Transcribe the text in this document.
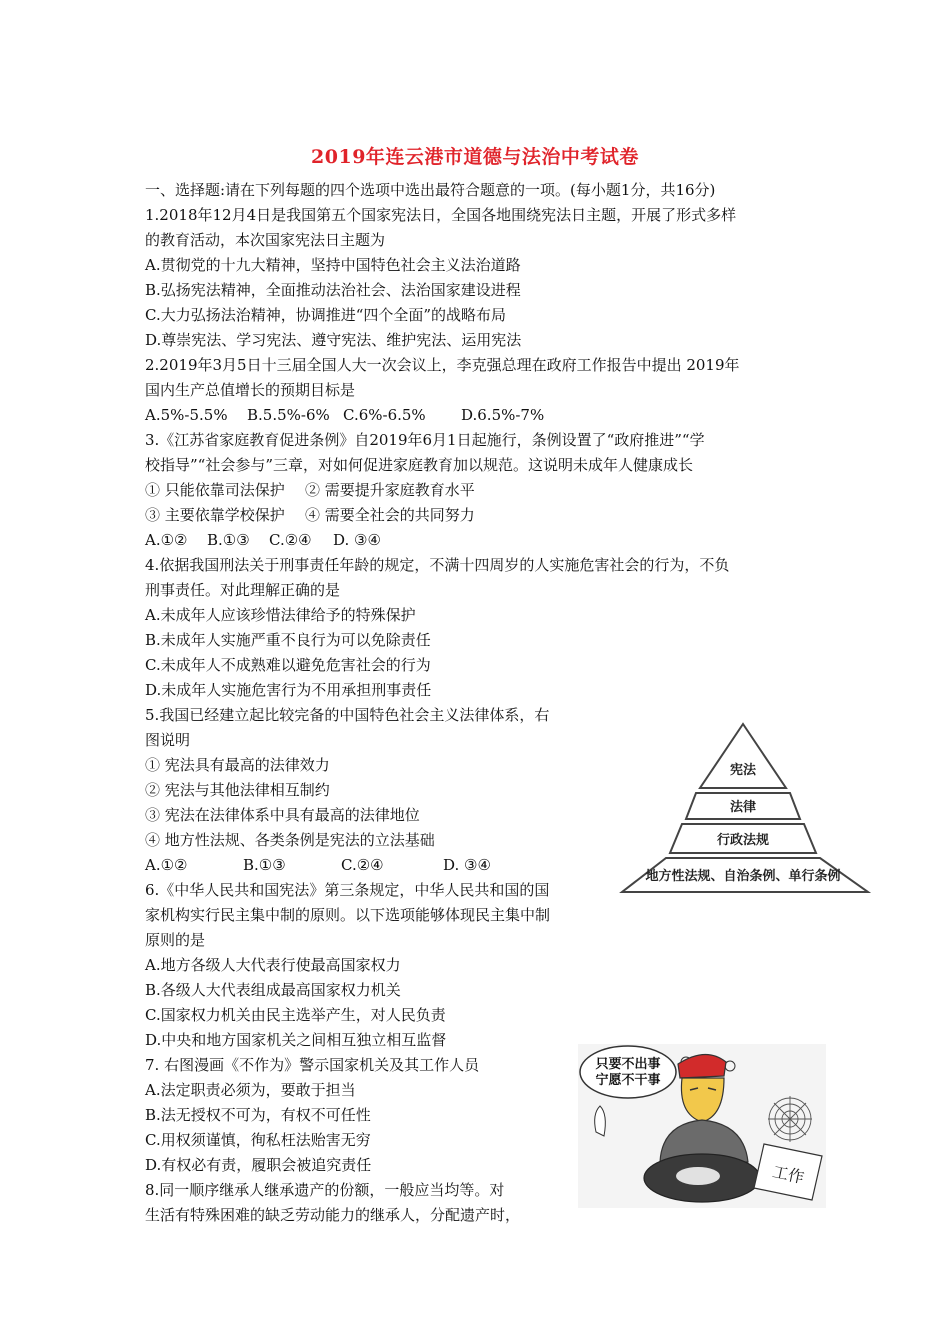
2019年连云港市道德与法治中考试卷
一、选择题:请在下列每题的四个选项中选出最符合题意的一项。(每小题1分，共16分)
1.2018年12月4日是我国第五个国家宪法日，全国各地围绕宪法日主题，开展了形式多样
的教育活动，本次国家宪法日主题为
A.贯彻党的十九大精神，坚持中国特色社会主义法治道路
B.弘扬宪法精神，全面推动法治社会、法治国家建设进程
C.大力弘扬法治精神，协调推进“四个全面”的战略布局
D.尊崇宪法、学习宪法、遵守宪法、维护宪法、运用宪法
2.2019年3月5日十三届全国人大一次会议上，李克强总理在政府工作报告中提出 2019年
国内生产总值增长的预期目标是
A.5%-5.5% B.5.5%-6% C.6%-6.5% D.6.5%-7%
3.《江苏省家庭教育促进条例》自2019年6月1日起施行，条例设置了“政府推进”“学
校指导”“社会参与”三章，对如何促进家庭教育加以规范。这说明未成年人健康成长
① 只能依靠司法保护 ② 需要提升家庭教育水平
③ 主要依靠学校保护 ④ 需要全社会的共同努力
A.①② B.①③ C.②④ D. ③④
4.依据我国刑法关于刑事责任年龄的规定，不满十四周岁的人实施危害社会的行为，不负
刑事责任。对此理解正确的是
A.未成年人应该珍惜法律给予的特殊保护
B.未成年人实施严重不良行为可以免除责任
C.未成年人不成熟难以避免危害社会的行为
D.未成年人实施危害行为不用承担刑事责任
5.我国已经建立起比较完备的中国特色社会主义法律体系，右
图说明
① 宪法具有最高的法律效力
② 宪法与其他法律相互制约
③ 宪法在法律体系中具有最高的法律地位
④ 地方性法规、各类条例是宪法的立法基础
A.①②	B.①③	C.②④	D. ③④
6.《中华人民共和国宪法》第三条规定，中华人民共和国的国
家机构实行民主集中制的原则。以下选项能够体现民主集中制
原则的是
A.地方各级人大代表行使最高国家权力
B.各级人大代表组成最高国家权力机关
C.国家权力机关由民主选举产生，对人民负责
D.中央和地方国家机关之间相互独立相互监督
7. 右图漫画《不作为》警示国家机关及其工作人员
A.法定职责必须为，要敢于担当
B.法无授权不可为，有权不可任性
C.用权须谨慎，徇私枉法贻害无穷
D.有权必有责，履职会被追究责任
8.同一顺序继承人继承遗产的份额，一般应当均等。对
生活有特殊困难的缺乏劳动能力的继承人，分配遗产时，
宪法
法律
行政法规
地方性法规、自治条例、单行条例
只要不出事
宁愿不干事
工作
